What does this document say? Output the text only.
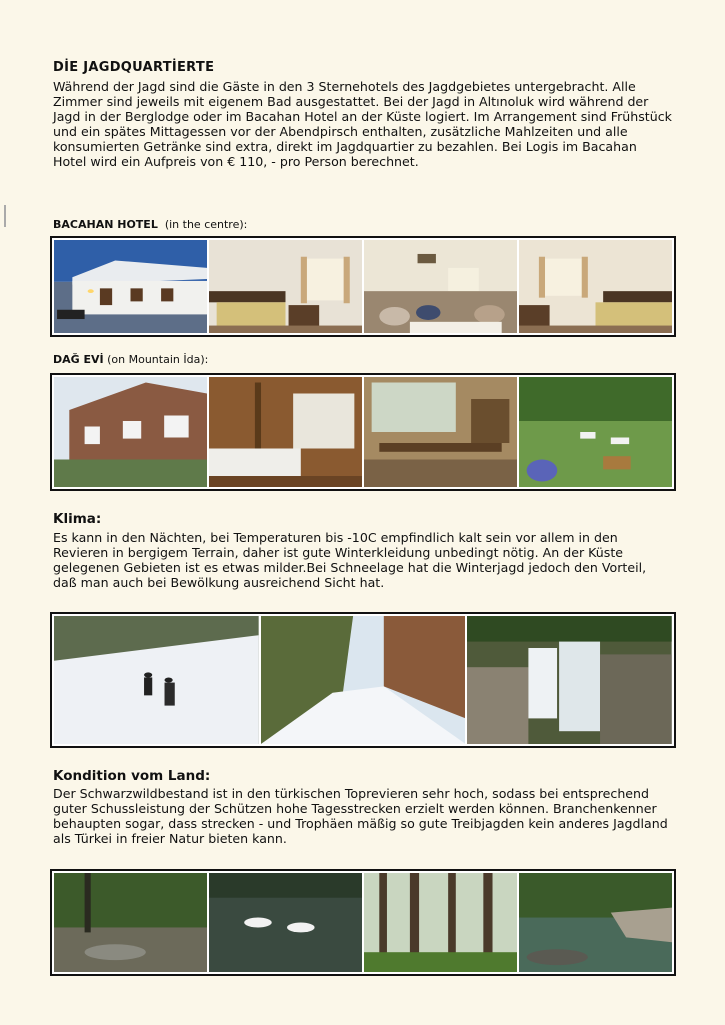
DİE JAGDQUARTİERTE
Während der Jagd sind die Gäste in den 3 Sternehotels des Jagdgebietes untergebracht. Alle Zimmer sind jeweils mit eigenem Bad ausgestattet. Bei der Jagd in Altınoluk wird während der Jagd in der Berglodge oder im Bacahan Hotel an der Küste logiert. Im Arrangement sind Frühstück und ein spätes Mittagessen vor der Abendpirsch enthalten, zusätzliche Mahlzeiten und alle konsumierten Getränke sind extra, direkt im Jagdquartier zu bezahlen. Bei Logis im Bacahan Hotel wird ein Aufpreis von € 110, - pro Person berechnet.
BACAHAN HOTEL (in the centre):
DAĞ EVİ (on Mountain İda):
Klima:
Es kann in den Nächten, bei Temperaturen bis -10C empfindlich kalt sein vor allem in den Revieren in bergigem Terrain, daher ist gute Winterkleidung unbedingt nötig. An der Küste gelegenen Gebieten ist es etwas milder.Bei Schneelage hat die Winterjagd jedoch den Vorteil, daß man auch bei Bewölkung ausreichend Sicht hat.
Kondition vom Land:
Der Schwarzwildbestand ist in den türkischen Toprevieren sehr hoch, sodass bei entsprechend guter Schussleistung der Schützen hohe Tagesstrecken erzielt werden können. Branchenkenner behaupten sogar, dass strecken - und Trophäen mäßig so gute Treibjagden kein anderes Jagdland als Türkei in freier Natur bieten kann.
